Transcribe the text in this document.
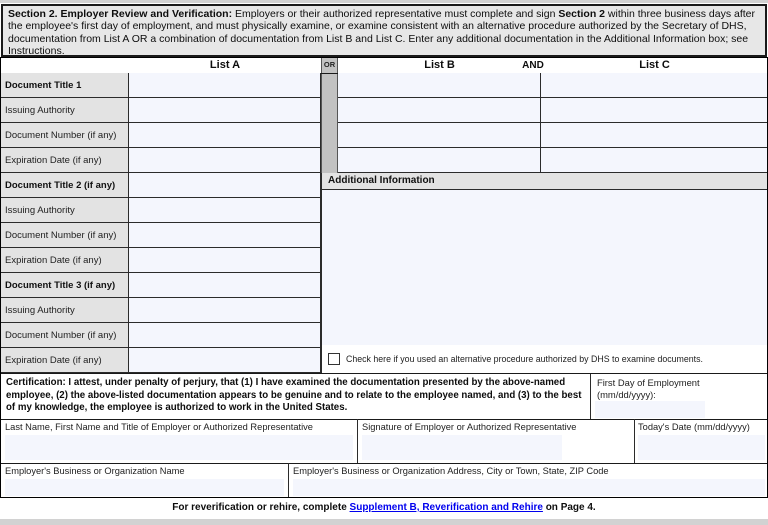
Section 2. Employer Review and Verification: Employers or their authorized representative must complete and sign Section 2 within three business days after the employee's first day of employment, and must physically examine, or examine consistent with an alternative procedure authorized by the Secretary of DHS, documentation from List A OR a combination of documentation from List B and List C. Enter any additional documentation in the Additional Information box; see Instructions.
List A	List B	AND	List C
OR
Document Title 1
Issuing Authority
Document Number (if any)
Expiration Date (if any)
Document Title 2 (if any)
Issuing Authority
Document Number (if any)
Expiration Date (if any)
Document Title 3 (if any)
Issuing Authority
Document Number (if any)
Expiration Date (if any)
Additional Information
Check here if you used an alternative procedure authorized by DHS to examine documents.
Certification: I attest, under penalty of perjury, that (1) I have examined the documentation presented by the above-named employee, (2) the above-listed documentation appears to be genuine and to relate to the employee named, and (3) to the best of my knowledge, the employee is authorized to work in the United States.
First Day of Employment
(mm/dd/yyyy):
Last Name, First Name and Title of Employer or Authorized Representative	Signature of Employer or Authorized Representative	Today's Date (mm/dd/yyyy)
Employer's Business or Organization Name	Employer's Business or Organization Address, City or Town, State, ZIP Code
For reverification or rehire, complete Supplement B, Reverification and Rehire on Page 4.
